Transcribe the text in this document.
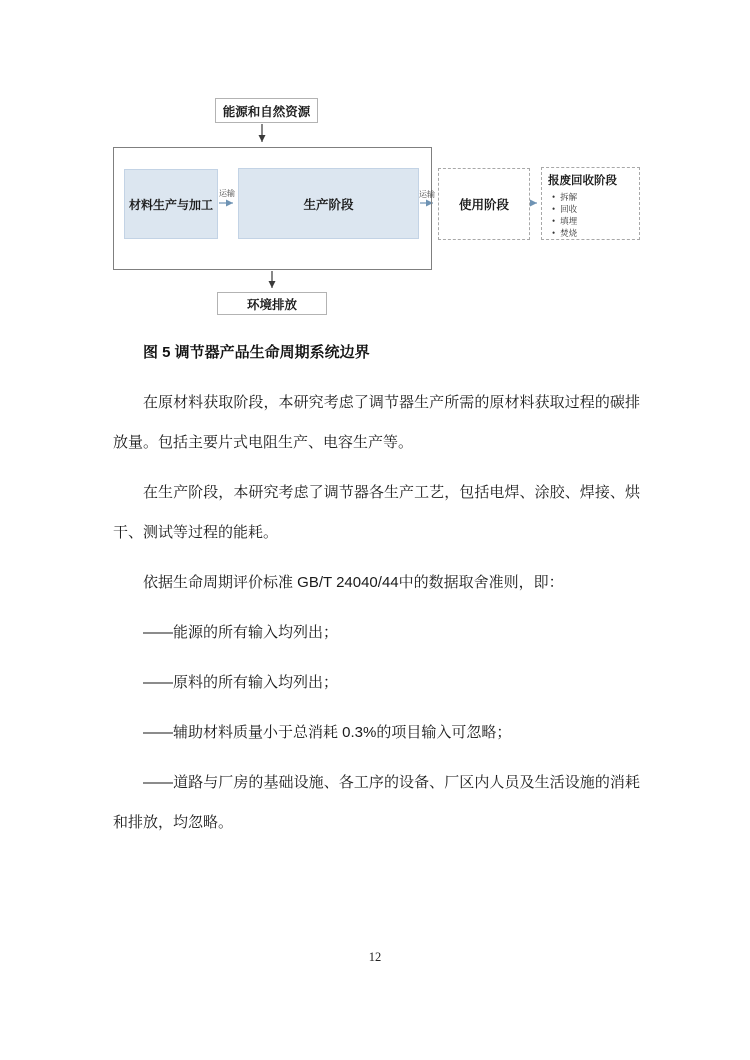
能源和自然资源
材料生产与加工	生产阶段
运输	运输
使用阶段
报废回收阶段
• 拆解
• 回收
• 填埋
• 焚烧
环境排放

图 5 调节器产品生命周期系统边界

在原材料获取阶段，本研究考虑了调节器生产所需的原材料获取过程的碳排放量。包括主要片式电阻生产、电容生产等。

在生产阶段，本研究考虑了调节器各生产工艺，包括电焊、涂胶、焊接、烘干、测试等过程的能耗。

依据生命周期评价标准 GB/T 24040/44中的数据取舍准则，即：

——能源的所有输入均列出；

——原料的所有输入均列出；

——辅助材料质量小于总消耗 0.3%的项目输入可忽略；

——道路与厂房的基础设施、各工序的设备、厂区内人员及生活设施的消耗和排放，均忽略。

12
